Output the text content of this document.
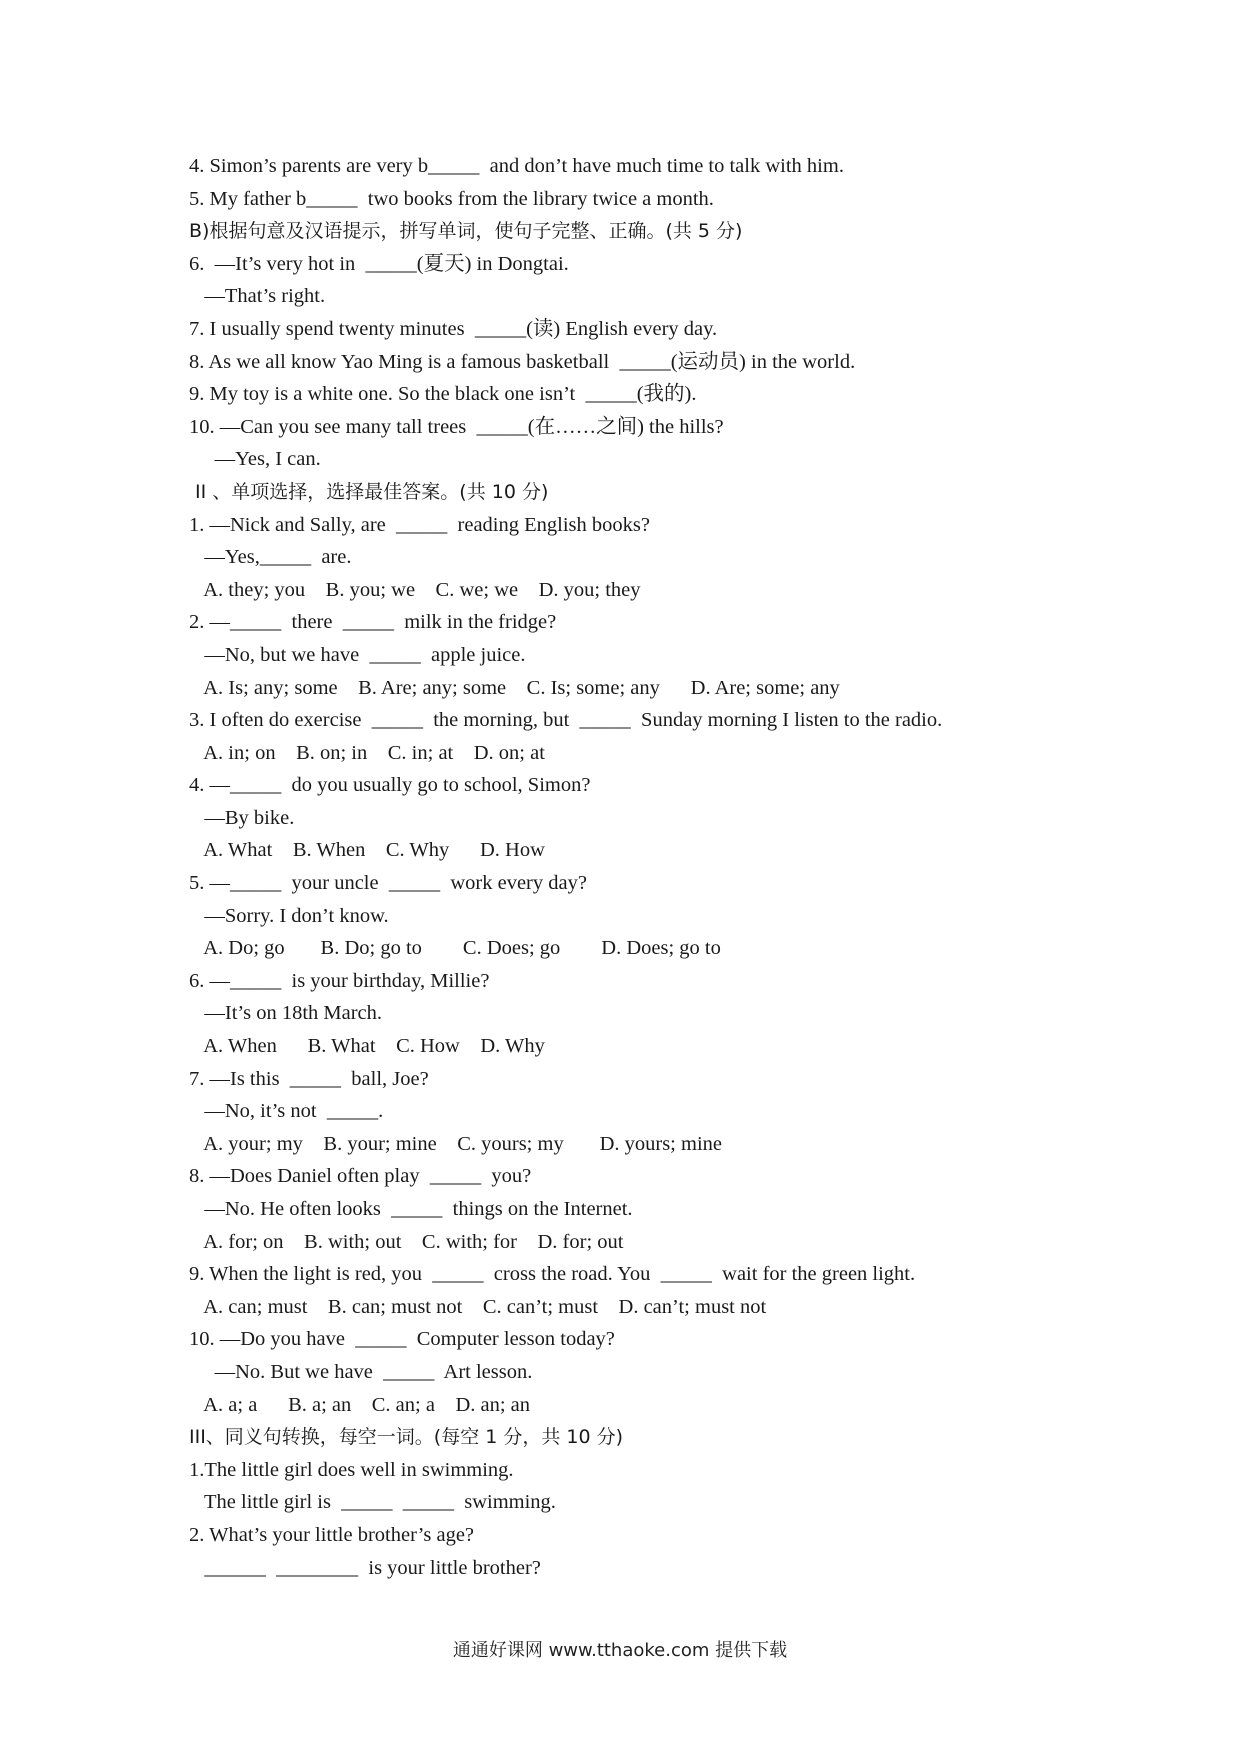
4. Simon’s parents are very b_____  and don’t have much time to talk with him.
5. My father b_____  two books from the library twice a month.
B)根据句意及汉语提示，拼写单词，使句子完整、正确。(共 5 分)
6.  —It’s very hot in  _____(夏天) in Dongtai.
—That’s right.
7. I usually spend twenty minutes  _____(读) English every day.
8. As we all know Yao Ming is a famous basketball  _____(运动员) in the world.
9. My toy is a white one. So the black one isn’t  _____(我的).
10. —Can you see many tall trees  _____(在……之间) the hills?
—Yes, I can.
II 、单项选择，选择最佳答案。(共 10 分)
1. —Nick and Sally, are  _____  reading English books?
—Yes,_____  are.
A. they; you    B. you; we    C. we; we    D. you; they
2. —_____  there  _____  milk in the fridge?
—No, but we have  _____  apple juice.
A. Is; any; some    B. Are; any; some    C. Is; some; any      D. Are; some; any
3. I often do exercise  _____  the morning, but  _____  Sunday morning I listen to the radio.
A. in; on    B. on; in    C. in; at    D. on; at
4. —_____  do you usually go to school, Simon?
—By bike.
A. What    B. When    C. Why      D. How
5. —_____  your uncle  _____  work every day?
—Sorry. I don’t know.
A. Do; go       B. Do; go to        C. Does; go        D. Does; go to
6. —_____  is your birthday, Millie?
—It’s on 18th March.
A. When      B. What    C. How    D. Why
7. —Is this  _____  ball, Joe?
—No, it’s not  _____.
A. your; my    B. your; mine    C. yours; my       D. yours; mine
8. —Does Daniel often play  _____  you?
—No. He often looks  _____  things on the Internet.
A. for; on    B. with; out    C. with; for    D. for; out
9. When the light is red, you  _____  cross the road. You  _____  wait for the green light.
A. can; must    B. can; must not    C. can’t; must    D. can’t; must not
10. —Do you have  _____  Computer lesson today?
—No. But we have  _____  Art lesson.
A. a; a      B. a; an    C. an; a    D. an; an
III、同义句转换，每空一词。(每空 1 分，共 10 分)
1.The little girl does well in swimming.
The little girl is  _____  _____  swimming.
2. What’s your little brother’s age?
______  ________  is your little brother?
通通好课网 www.tthaoke.com 提供下载
